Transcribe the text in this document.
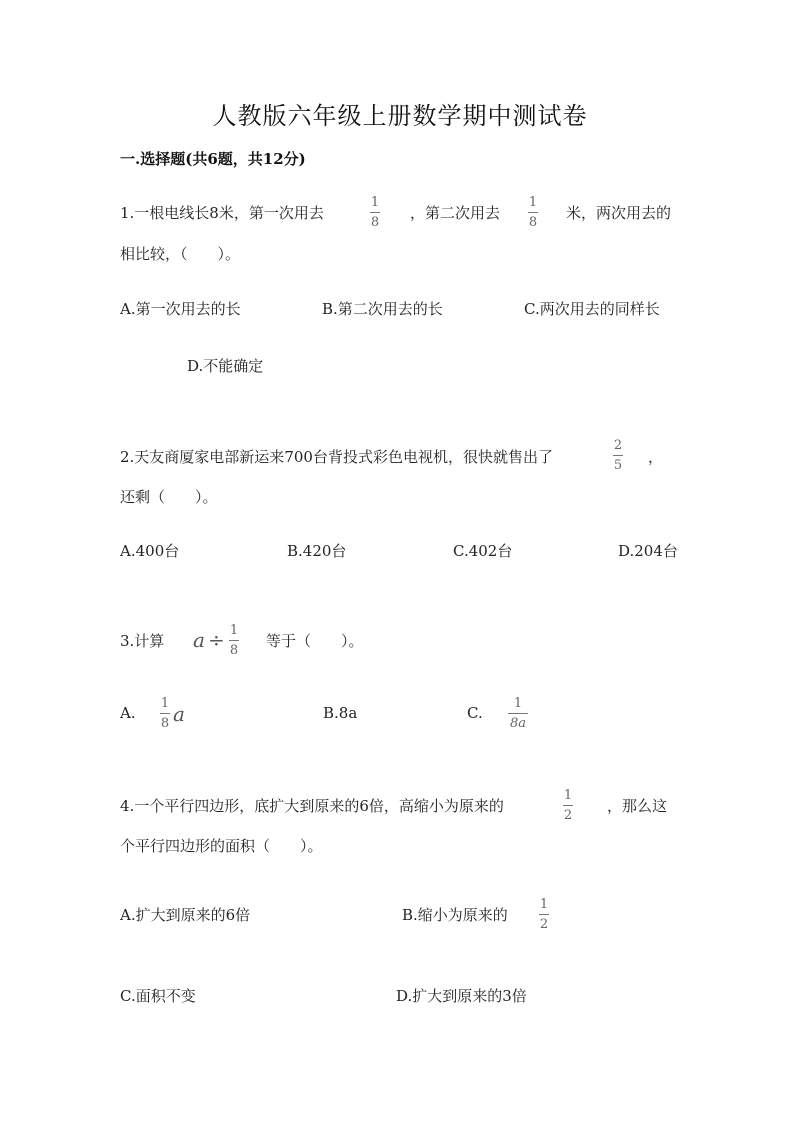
人教版六年级上册数学期中测试卷
一.选择题(共6题，共12分)
1.一根电线长8米，第一次用去
1
8
，第二次用去
1
8
米，两次用去的
相比较，（　　）。
A.第一次用去的长	B.第二次用去的长	C.两次用去的同样长
D.不能确定
2.天友商厦家电部新运来700台背投式彩色电视机，很快就售出了
2
5 ，
还剩（　　）。
A.400台	B.420台	C.402台	D.204台
3.计算 a ÷ 1
8
等于（　　）。
A.
1
8 a	B.8a	C.
1
8a
4.一个平行四边形，底扩大到原来的6倍，高缩小为原来的
1
2
，那么这
个平行四边形的面积（　　）。
A.扩大到原来的6倍	B.缩小为原来的
1
2
C.面积不变	D.扩大到原来的3倍
